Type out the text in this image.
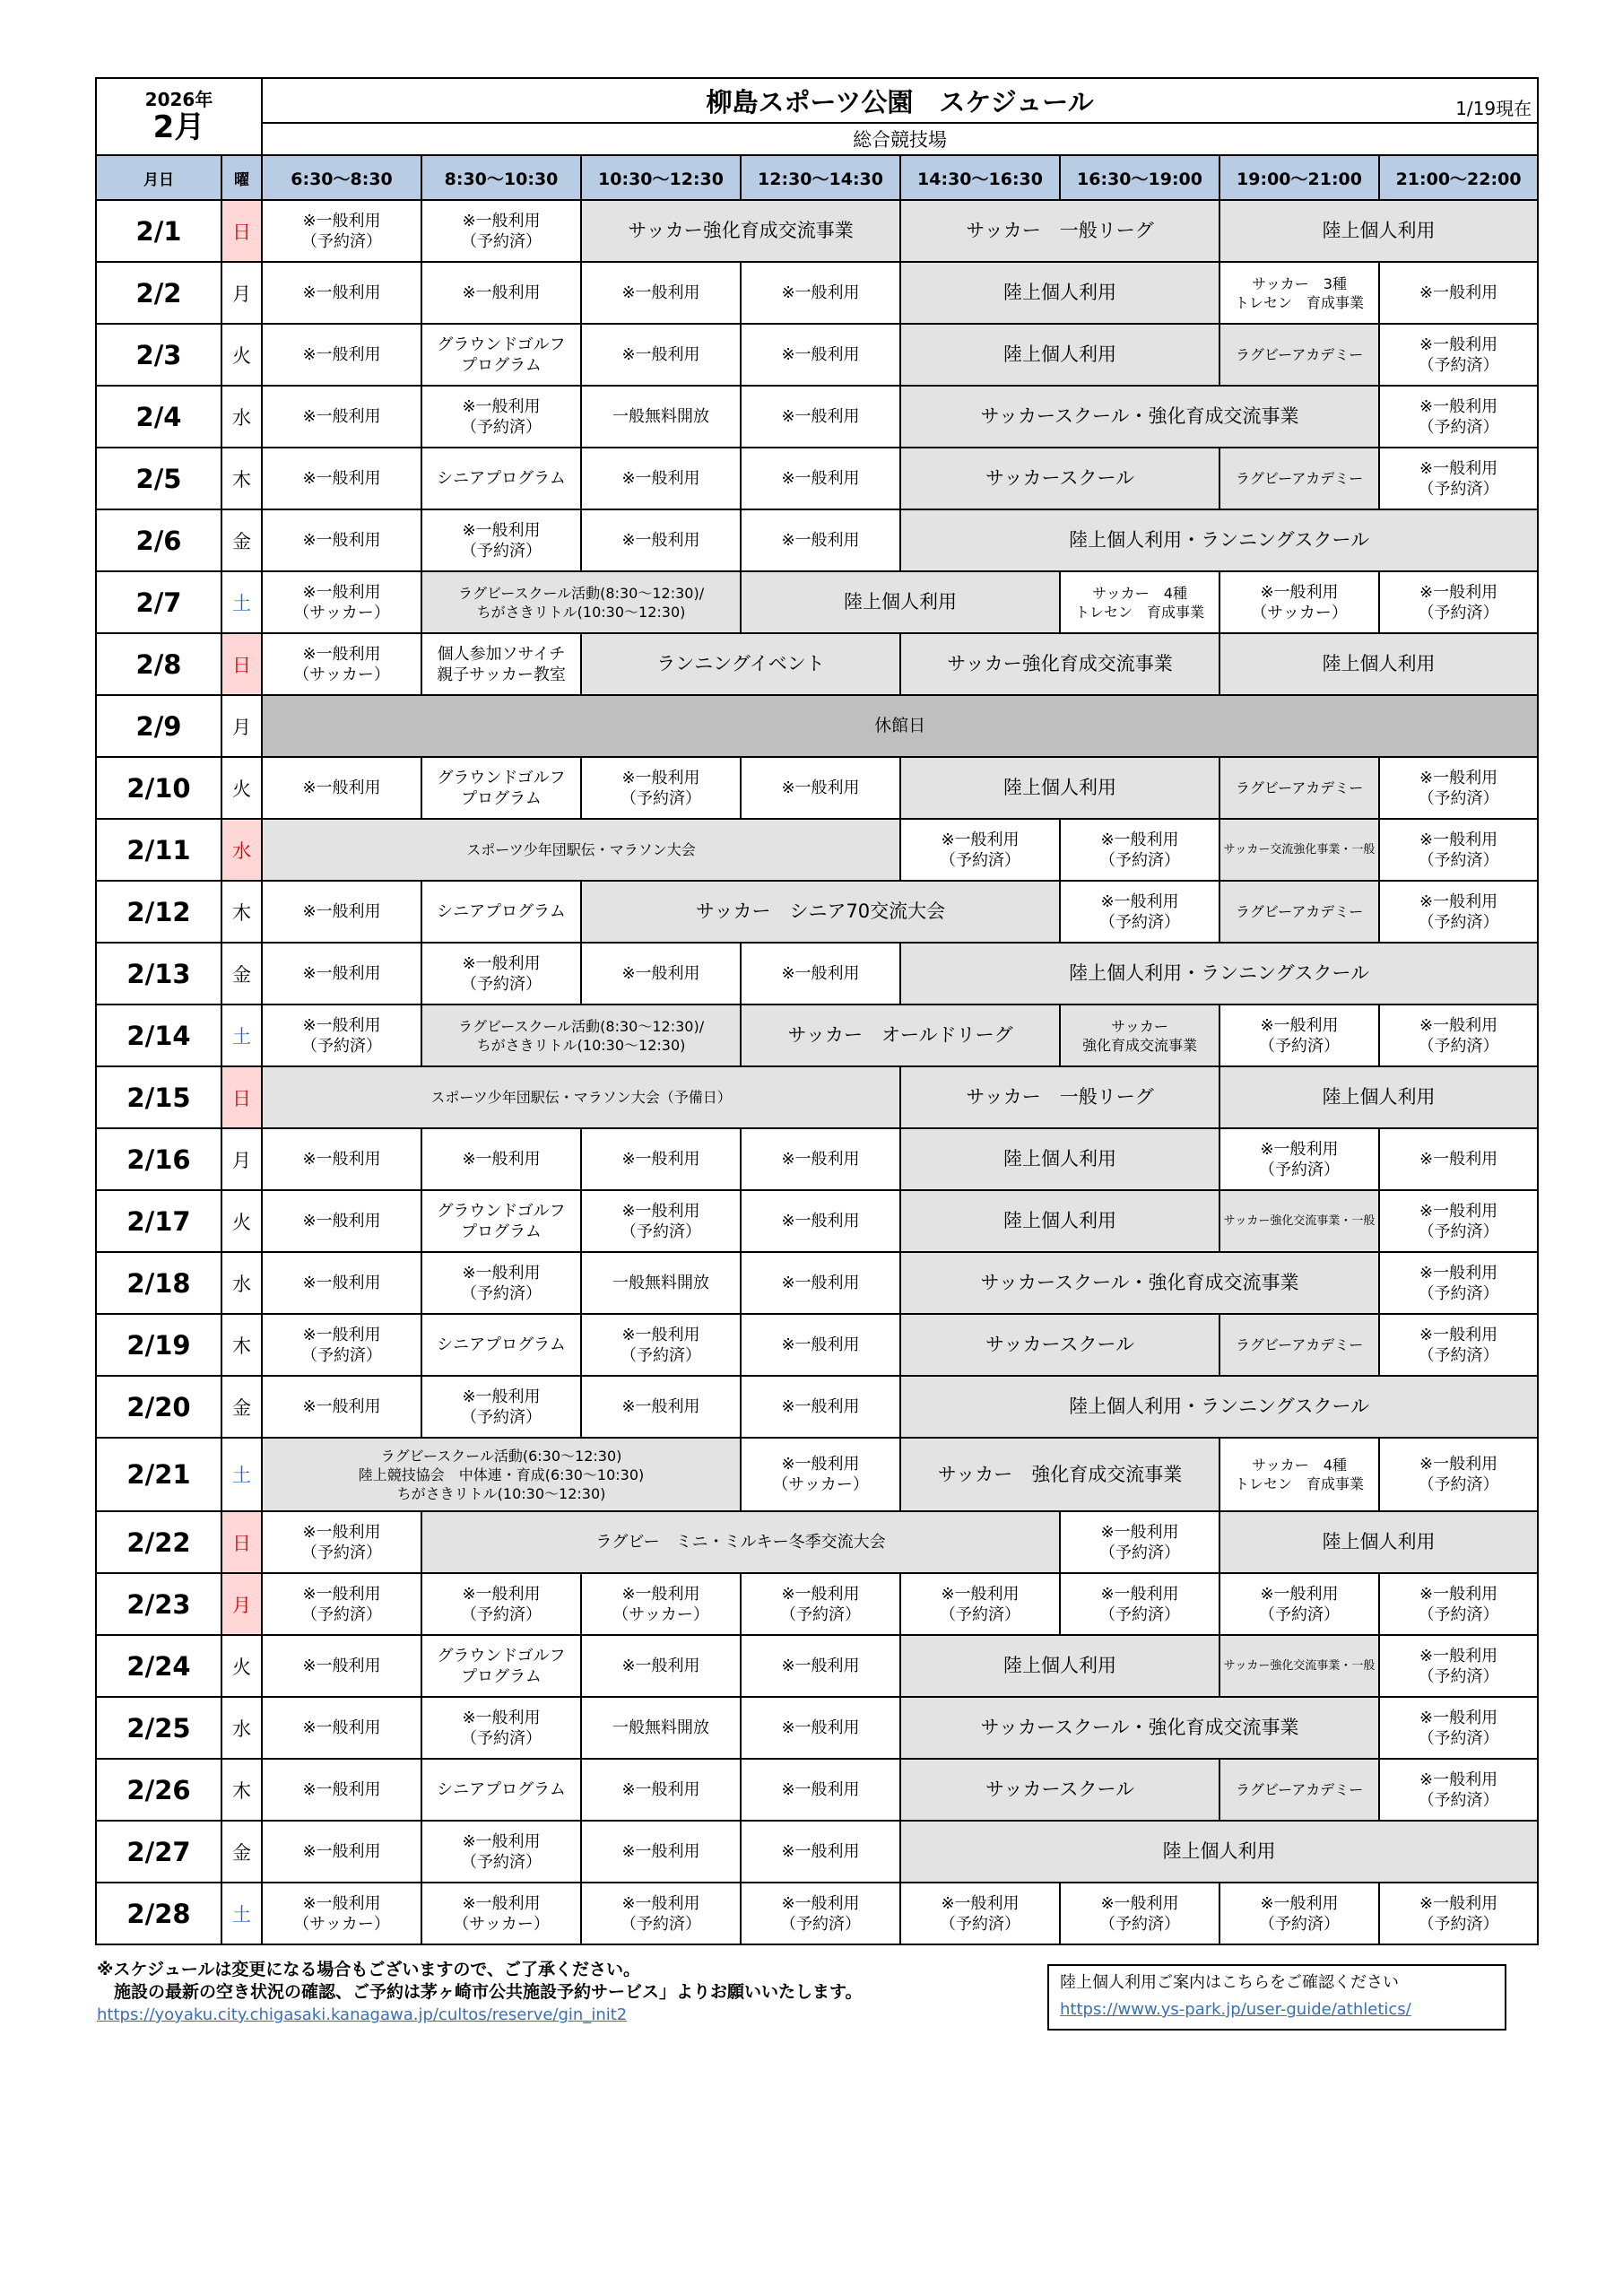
2026年
2月		柳島スポーツ公園　スケジュール 1/19現在							

		総合競技場							
月日	曜	6:30～8:30	8:30～10:30	10:30～12:30	12:30～14:30	14:30～16:30	16:30～19:00	19:00～21:00	21:00～22:00
2/1	日	※一般利用
（予約済）	※一般利用
（予約済）	サッカー強化育成交流事業		サッカー　一般リーグ		陸上個人利用	
2/2	月	※一般利用	※一般利用	※一般利用	※一般利用	陸上個人利用		サッカー　3種
トレセン　育成事業	※一般利用
2/3	火	※一般利用	グラウンドゴルフ
プログラム	※一般利用	※一般利用	陸上個人利用		ラグビーアカデミー	※一般利用
（予約済）
2/4	水	※一般利用	※一般利用
（予約済）	一般無料開放	※一般利用	サッカースクール・強化育成交流事業			※一般利用
（予約済）
2/5	木	※一般利用	シニアプログラム	※一般利用	※一般利用	サッカースクール		ラグビーアカデミー	※一般利用
（予約済）
2/6	金	※一般利用	※一般利用
（予約済）	※一般利用	※一般利用	陸上個人利用・ランニングスクール			
2/7	土	※一般利用
（サッカー）	ラグビースクール活動(8:30～12:30)/
ちがさきリトル(10:30～12:30)		陸上個人利用		サッカー　4種
トレセン　育成事業	※一般利用
（サッカー）	※一般利用
（予約済）
2/8	日	※一般利用
（サッカー）	個人参加ソサイチ
親子サッカー教室	ランニングイベント		サッカー強化育成交流事業		陸上個人利用	
2/9	月	休館日							
2/10	火	※一般利用	グラウンドゴルフ
プログラム	※一般利用
（予約済）	※一般利用	陸上個人利用		ラグビーアカデミー	※一般利用
（予約済）
2/11	水	スポーツ少年団駅伝・マラソン大会				※一般利用
（予約済）	※一般利用
（予約済）	サッカー交流強化事業・一般	※一般利用
（予約済）
2/12	木	※一般利用	シニアプログラム	サッカー　シニア70交流大会			※一般利用
（予約済）	ラグビーアカデミー	※一般利用
（予約済）
2/13	金	※一般利用	※一般利用
（予約済）	※一般利用	※一般利用	陸上個人利用・ランニングスクール			
2/14	土	※一般利用
（予約済）	ラグビースクール活動(8:30～12:30)/
ちがさきリトル(10:30～12:30)		サッカー　オールドリーグ		サッカー
強化育成交流事業	※一般利用
（予約済）	※一般利用
（予約済）
2/15	日	スポーツ少年団駅伝・マラソン大会（予備日）				サッカー　一般リーグ		陸上個人利用	
2/16	月	※一般利用	※一般利用	※一般利用	※一般利用	陸上個人利用		※一般利用
（予約済）	※一般利用
2/17	火	※一般利用	グラウンドゴルフ
プログラム	※一般利用
（予約済）	※一般利用	陸上個人利用		サッカー強化交流事業・一般	※一般利用
（予約済）
2/18	水	※一般利用	※一般利用
（予約済）	一般無料開放	※一般利用	サッカースクール・強化育成交流事業			※一般利用
（予約済）
2/19	木	※一般利用
（予約済）	シニアプログラム	※一般利用
（予約済）	※一般利用	サッカースクール		ラグビーアカデミー	※一般利用
（予約済）
2/20	金	※一般利用	※一般利用
（予約済）	※一般利用	※一般利用	陸上個人利用・ランニングスクール			
2/21	土	ラグビースクール活動(6:30～12:30)
陸上競技協会　中体連・育成(6:30～10:30)
ちがさきリトル(10:30～12:30)			※一般利用
（サッカー）	サッカー　強化育成交流事業		サッカー　4種
トレセン　育成事業	※一般利用
（予約済）
2/22	日	※一般利用
（予約済）	ラグビー　ミニ・ミルキー冬季交流大会				※一般利用
（予約済）	陸上個人利用	
2/23	月	※一般利用
（予約済）	※一般利用
（予約済）	※一般利用
（サッカー）	※一般利用
（予約済）	※一般利用
（予約済）	※一般利用
（予約済）	※一般利用
（予約済）	※一般利用
（予約済）
2/24	火	※一般利用	グラウンドゴルフ
プログラム	※一般利用	※一般利用	陸上個人利用		サッカー強化交流事業・一般	※一般利用
（予約済）
2/25	水	※一般利用	※一般利用
（予約済）	一般無料開放	※一般利用	サッカースクール・強化育成交流事業			※一般利用
（予約済）
2/26	木	※一般利用	シニアプログラム	※一般利用	※一般利用	サッカースクール		ラグビーアカデミー	※一般利用
（予約済）
2/27	金	※一般利用	※一般利用
（予約済）	※一般利用	※一般利用	陸上個人利用			
2/28	土	※一般利用
（サッカー）	※一般利用
（サッカー）	※一般利用
（予約済）	※一般利用
（予約済）	※一般利用
（予約済）	※一般利用
（予約済）	※一般利用
（予約済）	※一般利用
（予約済）
※スケジュールは変更になる場合もございますので、ご了承ください。
　施設の最新の空き状況の確認、ご予約は茅ヶ崎市公共施設予約サービス」よりお願いいたします。
https://yoyaku.city.chigasaki.kanagawa.jp/cultos/reserve/gin_init2
陸上個人利用ご案内はこちらをご確認ください
https://www.ys-park.jp/user-guide/athletics/
